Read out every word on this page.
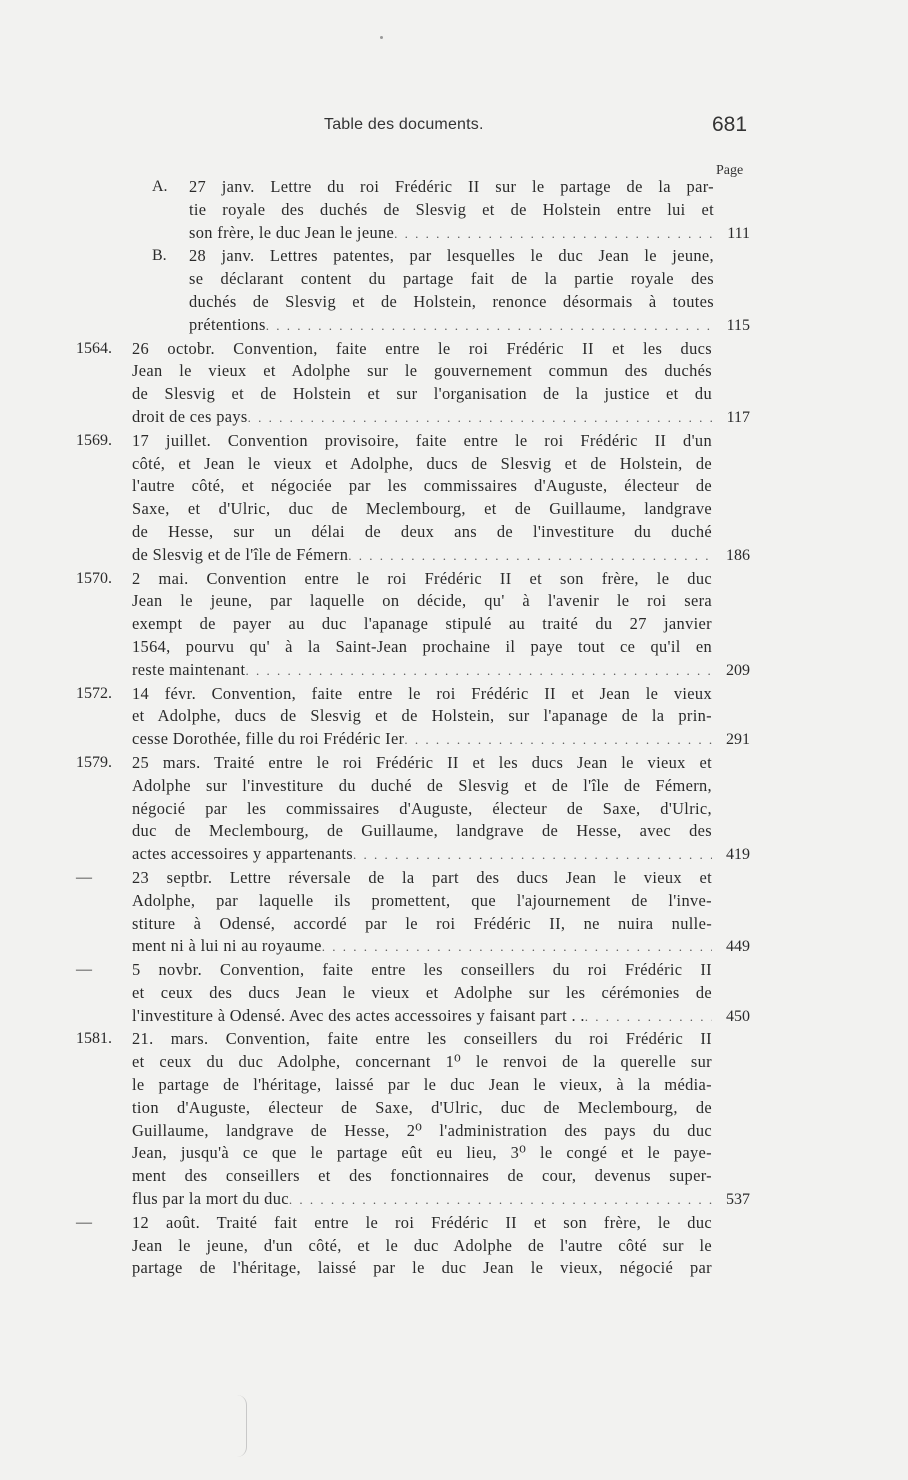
Table des documents.	681
Page
A. 27 janv. Lettre du roi Frédéric II sur le partage de la par-
tie royale des duchés de Slesvig et de Holstein entre lui et
son frère, le duc Jean le jeune . . .	111
B. 28 janv. Lettres patentes, par lesquelles le duc Jean le jeune,
se déclarant content du partage fait de la partie royale des
duchés de Slesvig et de Holstein, renonce désormais à toutes
prétentions . . .	115
1564. 26 octobr. Convention, faite entre le roi Frédéric II et les ducs
Jean le vieux et Adolphe sur le gouvernement commun des duchés
de Slesvig et de Holstein et sur l'organisation de la justice et du
droit de ces pays . . .	117
1569. 17 juillet. Convention provisoire, faite entre le roi Frédéric II d'un
côté, et Jean le vieux et Adolphe, ducs de Slesvig et de Holstein, de
l'autre côté, et négociée par les commissaires d'Auguste, électeur de
Saxe, et d'Ulric, duc de Meclembourg, et de Guillaume, landgrave
de Hesse, sur un délai de deux ans de l'investiture du duché
de Slesvig et de l'île de Fémern . . .	186
1570. 2 mai. Convention entre le roi Frédéric II et son frère, le duc
Jean le jeune, par laquelle on décide, qu' à l'avenir le roi sera
exempt de payer au duc l'apanage stipulé au traité du 27 janvier
1564, pourvu qu' à la Saint-Jean prochaine il paye tout ce qu'il en
reste maintenant . . .	209
1572. 14 févr. Convention, faite entre le roi Frédéric II et Jean le vieux
et Adolphe, ducs de Slesvig et de Holstein, sur l'apanage de la prin-
cesse Dorothée, fille du roi Frédéric Ier . . .	291
1579. 25 mars. Traité entre le roi Frédéric II et les ducs Jean le vieux et
Adolphe sur l'investiture du duché de Slesvig et de l'île de Fémern,
négocié par les commissaires d'Auguste, électeur de Saxe, d'Ulric,
duc de Meclembourg, de Guillaume, landgrave de Hesse, avec des
actes accessoires y appartenants . . .	419
— 23 septbr. Lettre réversale de la part des ducs Jean le vieux et
Adolphe, par laquelle ils promettent, que l'ajournement de l'inve-
stiture à Odensé, accordé par le roi Frédéric II, ne nuira nulle-
ment ni à lui ni au royaume . . .	449
— 5 novbr. Convention, faite entre les conseillers du roi Frédéric II
et ceux des ducs Jean le vieux et Adolphe sur les cérémonies de
l'investiture à Odensé. Avec des actes accessoires y faisant part . . . . .	450
1581. 21. mars. Convention, faite entre les conseillers du roi Frédéric II
et ceux du duc Adolphe, concernant 1⁰ le renvoi de la querelle sur
le partage de l'héritage, laissé par le duc Jean le vieux, à la média-
tion d'Auguste, électeur de Saxe, d'Ulric, duc de Meclembourg, de
Guillaume, landgrave de Hesse, 2⁰ l'administration des pays du duc
Jean, jusqu'à ce que le partage eût eu lieu, 3⁰ le congé et le paye-
ment des conseillers et des fonctionnaires de cour, devenus super-
flus par la mort du duc . . .	537
— 12 août. Traité fait entre le roi Frédéric II et son frère, le duc
Jean le jeune, d'un côté, et le duc Adolphe de l'autre côté sur le
partage de l'héritage, laissé par le duc Jean le vieux, négocié par
